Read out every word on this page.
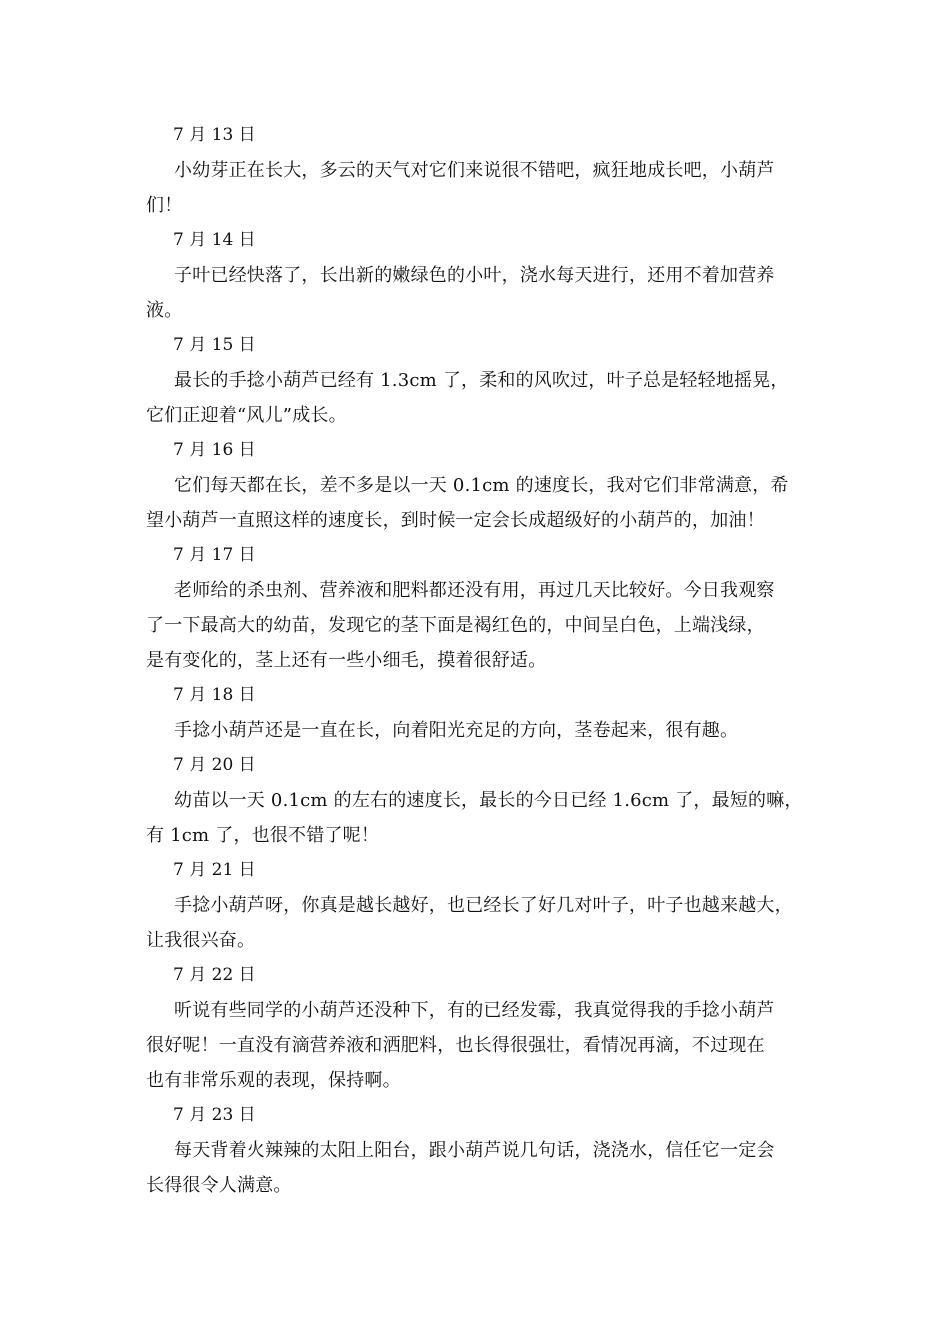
7 月 13 日
小幼芽正在长大，多云的天气对它们来说很不错吧，疯狂地成长吧，小葫芦
们！
7 月 14 日
子叶已经快落了，长出新的嫩绿色的小叶，浇水每天进行，还用不着加营养
液。
7 月 15 日
最长的手捻小葫芦已经有 1.3cm 了，柔和的风吹过，叶子总是轻轻地摇晃，
它们正迎着“风儿”成长。
7 月 16 日
它们每天都在长，差不多是以一天 0.1cm 的速度长，我对它们非常满意，希
望小葫芦一直照这样的速度长，到时候一定会长成超级好的小葫芦的，加油！
7 月 17 日
老师给的杀虫剂、营养液和肥料都还没有用，再过几天比较好。今日我观察
了一下最高大的幼苗，发现它的茎下面是褐红色的，中间呈白色，上端浅绿，
是有变化的，茎上还有一些小细毛，摸着很舒适。
7 月 18 日
手捻小葫芦还是一直在长，向着阳光充足的方向，茎卷起来，很有趣。
7 月 20 日
幼苗以一天 0.1cm 的左右的速度长，最长的今日已经 1.6cm 了，最短的嘛，
有 1cm 了，也很不错了呢！
7 月 21 日
手捻小葫芦呀，你真是越长越好，也已经长了好几对叶子，叶子也越来越大，
让我很兴奋。
7 月 22 日
听说有些同学的小葫芦还没种下，有的已经发霉，我真觉得我的手捻小葫芦
很好呢！一直没有滴营养液和洒肥料，也长得很强壮，看情况再滴，不过现在
也有非常乐观的表现，保持啊。
7 月 23 日
每天背着火辣辣的太阳上阳台，跟小葫芦说几句话，浇浇水，信任它一定会
长得很令人满意。
